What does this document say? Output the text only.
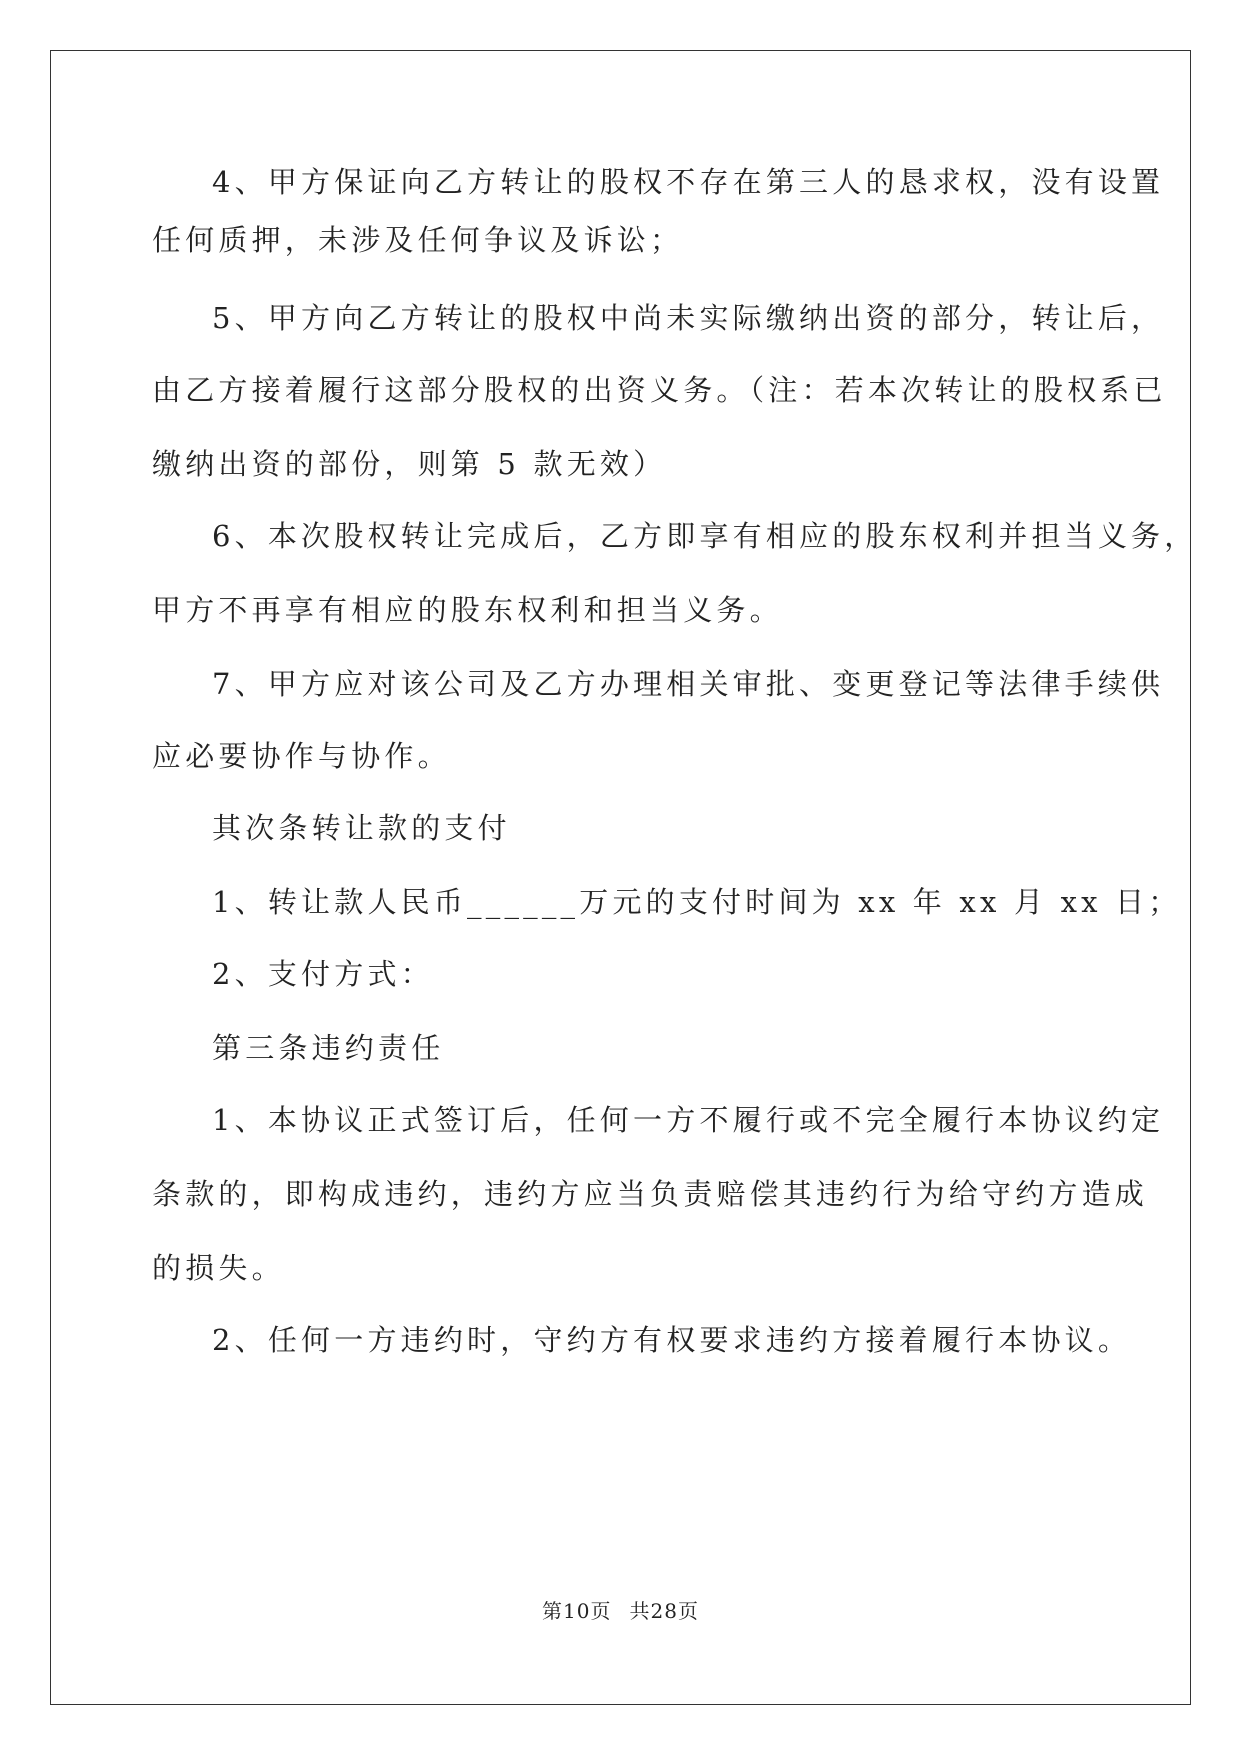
4、甲方保证向乙方转让的股权不存在第三人的恳求权，没有设置
任何质押，未涉及任何争议及诉讼；
5、甲方向乙方转让的股权中尚未实际缴纳出资的部分，转让后，
由乙方接着履行这部分股权的出资义务。（注：若本次转让的股权系已
缴纳出资的部份，则第 5 款无效）
6、本次股权转让完成后，乙方即享有相应的股东权利并担当义务，
甲方不再享有相应的股东权利和担当义务。
7、甲方应对该公司及乙方办理相关审批、变更登记等法律手续供
应必要协作与协作。
其次条转让款的支付
1、转让款人民币______万元的支付时间为 xx 年 xx 月 xx 日；
2、支付方式：
第三条违约责任
1、本协议正式签订后，任何一方不履行或不完全履行本协议约定
条款的，即构成违约，违约方应当负责赔偿其违约行为给守约方造成
的损失。
2、任何一方违约时，守约方有权要求违约方接着履行本协议。
第10页 共28页
